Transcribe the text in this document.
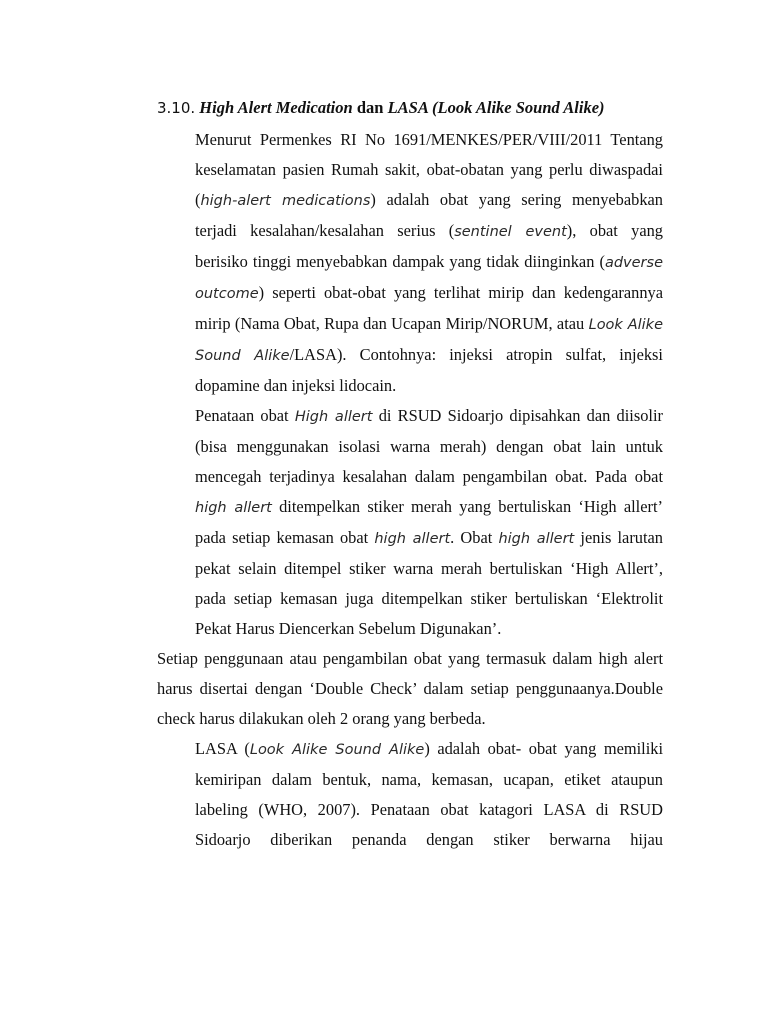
3.10. High Alert Medication dan LASA (Look Alike Sound Alike)

Menurut Permenkes RI No 1691/MENKES/PER/VIII/2011 Tentang keselamatan pasien Rumah sakit, obat-obatan yang perlu diwaspadai (high-alert medications) adalah obat yang sering menyebabkan terjadi kesalahan/kesalahan serius (sentinel event), obat yang berisiko tinggi menyebabkan dampak yang tidak diinginkan (adverse outcome) seperti obat-obat yang terlihat mirip dan kedengarannya mirip (Nama Obat, Rupa dan Ucapan Mirip/NORUM, atau Look Alike Sound Alike/LASA). Contohnya: injeksi atropin sulfat, injeksi dopamine dan injeksi lidocain.

Penataan obat High allert di RSUD Sidoarjo dipisahkan dan diisolir (bisa menggunakan isolasi warna merah) dengan obat lain untuk mencegah terjadinya kesalahan dalam pengambilan obat. Pada obat high allert ditempelkan stiker merah yang bertuliskan ‘High allert’ pada setiap kemasan obat high allert. Obat high allert jenis larutan pekat selain ditempel stiker warna merah bertuliskan ‘High Allert’, pada setiap kemasan juga ditempelkan stiker bertuliskan ‘Elektrolit Pekat Harus Diencerkan Sebelum Digunakan’.

Setiap penggunaan atau pengambilan obat yang termasuk dalam high alert harus disertai dengan ‘Double Check’ dalam setiap penggunaanya.Double check harus dilakukan oleh 2 orang yang berbeda.

LASA (Look Alike Sound Alike) adalah obat- obat yang memiliki kemiripan dalam bentuk, nama, kemasan, ucapan, etiket ataupun labeling (WHO, 2007). Penataan obat katagori LASA di RSUD Sidoarjo diberikan penanda dengan stiker berwarna hijau
